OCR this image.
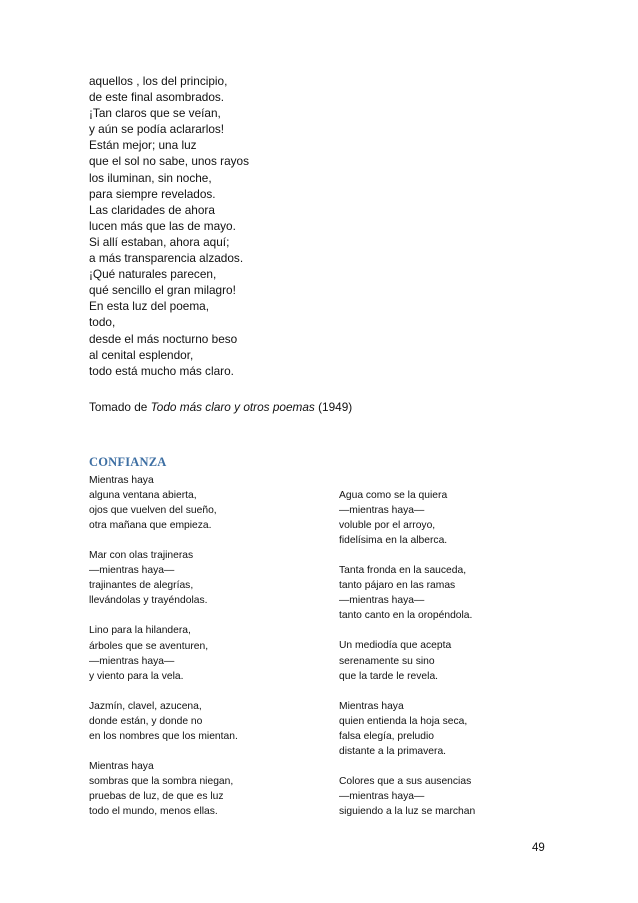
aquellos , los del principio,
de este final asombrados.
¡Tan claros que se veían,
y aún se podía aclararlos!
Están mejor; una luz
que el sol no sabe, unos rayos
los iluminan, sin noche,
para siempre revelados.
Las claridades de ahora
lucen más que las de mayo.
Si allí estaban, ahora aquí;
a más transparencia alzados.
¡Qué naturales parecen,
qué sencillo el gran milagro!
En esta luz del poema,
todo,
desde el más nocturno beso
al cenital esplendor,
todo está mucho más claro.
Tomado de Todo más claro y otros poemas (1949)
CONFIANZA
Mientras haya
alguna ventana abierta,
ojos que vuelven del sueño,
otra mañana que empieza.
Mar con olas trajineras
—mientras haya—
trajinantes de alegrías,
llevándolas y trayéndolas.
Lino para la hilandera,
árboles que se aventuren,
—mientras haya—
y viento para la vela.
Jazmín, clavel, azucena,
donde están, y donde no
en los nombres que los mientan.
Mientras haya
sombras que la sombra niegan,
pruebas de luz, de que es luz
todo el mundo, menos ellas.
Agua como se la quiera
—mientras haya—
voluble por el arroyo,
fidelísima en la alberca.
Tanta fronda en la sauceda,
tanto pájaro en las ramas
—mientras haya—
tanto canto en la oropéndola.
Un mediodía que acepta
serenamente su sino
que la tarde le revela.
Mientras haya
quien entienda la hoja seca,
falsa elegía, preludio
distante a la primavera.
Colores que a sus ausencias
—mientras haya—
siguiendo a la luz se marchan
49
